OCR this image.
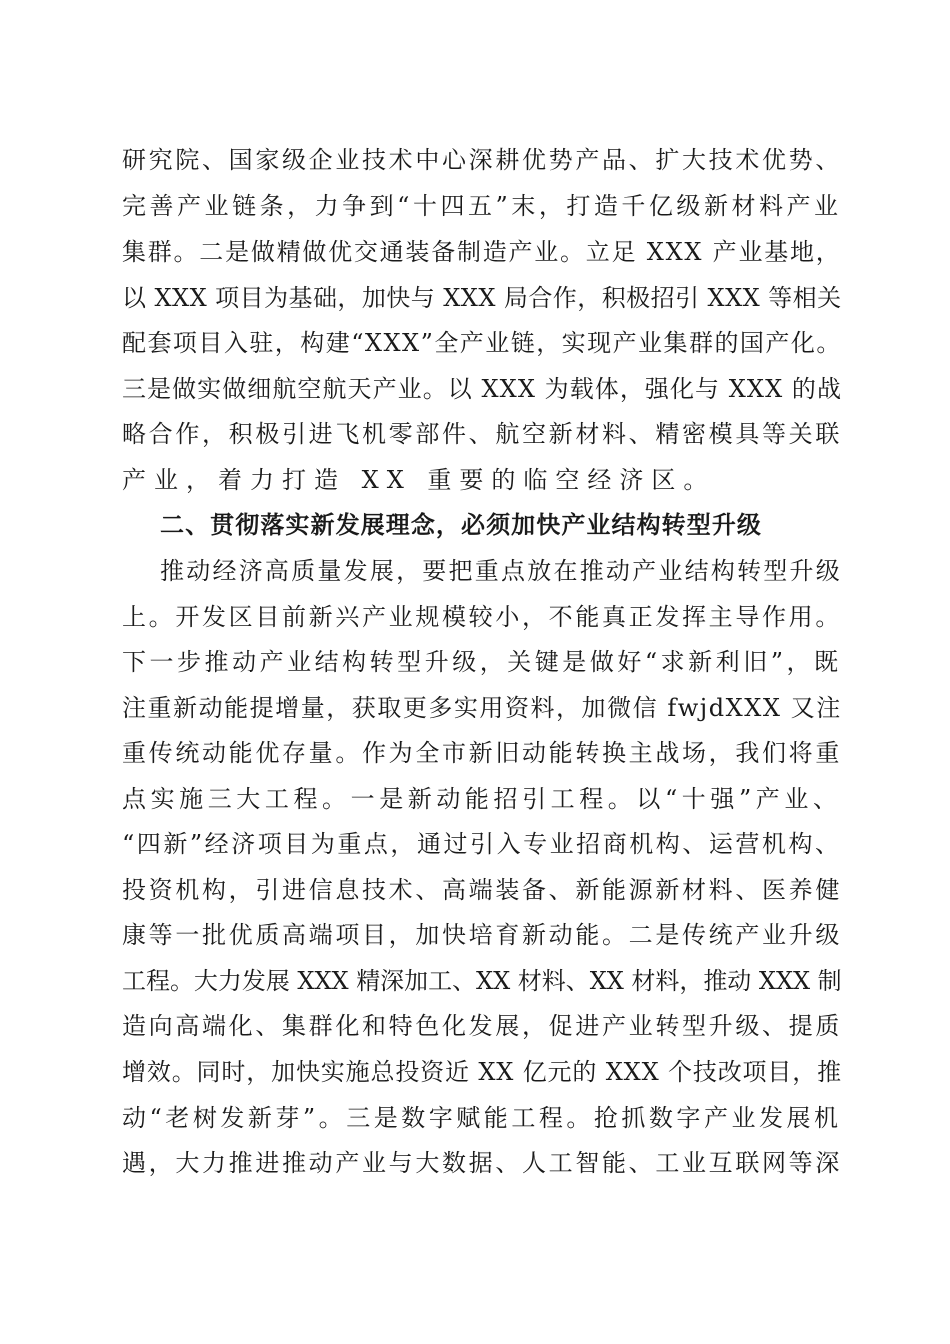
研究院、国家级企业技术中心深耕优势产品、扩大技术优势、
完善产业链条，力争到“十四五”末，打造千亿级新材料产业
集群。二是做精做优交通装备制造产业。立足 XXX 产业基地，
以 XXX 项目为基础，加快与 XXX 局合作，积极招引 XXX 等相关
配套项目入驻，构建“XXX”全产业链，实现产业集群的国产化。
三是做实做细航空航天产业。以 XXX 为载体，强化与 XXX 的战
略合作，积极引进飞机零部件、航空新材料、精密模具等关联
产业，着力打造 XX 重要的临空经济区。
二、贯彻落实新发展理念，必须加快产业结构转型升级
推动经济高质量发展，要把重点放在推动产业结构转型升级
上。开发区目前新兴产业规模较小，不能真正发挥主导作用。
下一步推动产业结构转型升级，关键是做好“求新利旧”，既
注重新动能提增量，获取更多实用资料，加微信 fwjdXXX 又注
重传统动能优存量。作为全市新旧动能转换主战场，我们将重
点实施三大工程。一是新动能招引工程。以“十强”产业、
“四新”经济项目为重点，通过引入专业招商机构、运营机构、
投资机构，引进信息技术、高端装备、新能源新材料、医养健
康等一批优质高端项目，加快培育新动能。二是传统产业升级
工程。大力发展 XXX 精深加工、XX 材料、XX 材料，推动 XXX 制
造向高端化、集群化和特色化发展，促进产业转型升级、提质
增效。同时，加快实施总投资近 XX 亿元的 XXX 个技改项目，推
动“老树发新芽”。三是数字赋能工程。抢抓数字产业发展机
遇，大力推进推动产业与大数据、人工智能、工业互联网等深
